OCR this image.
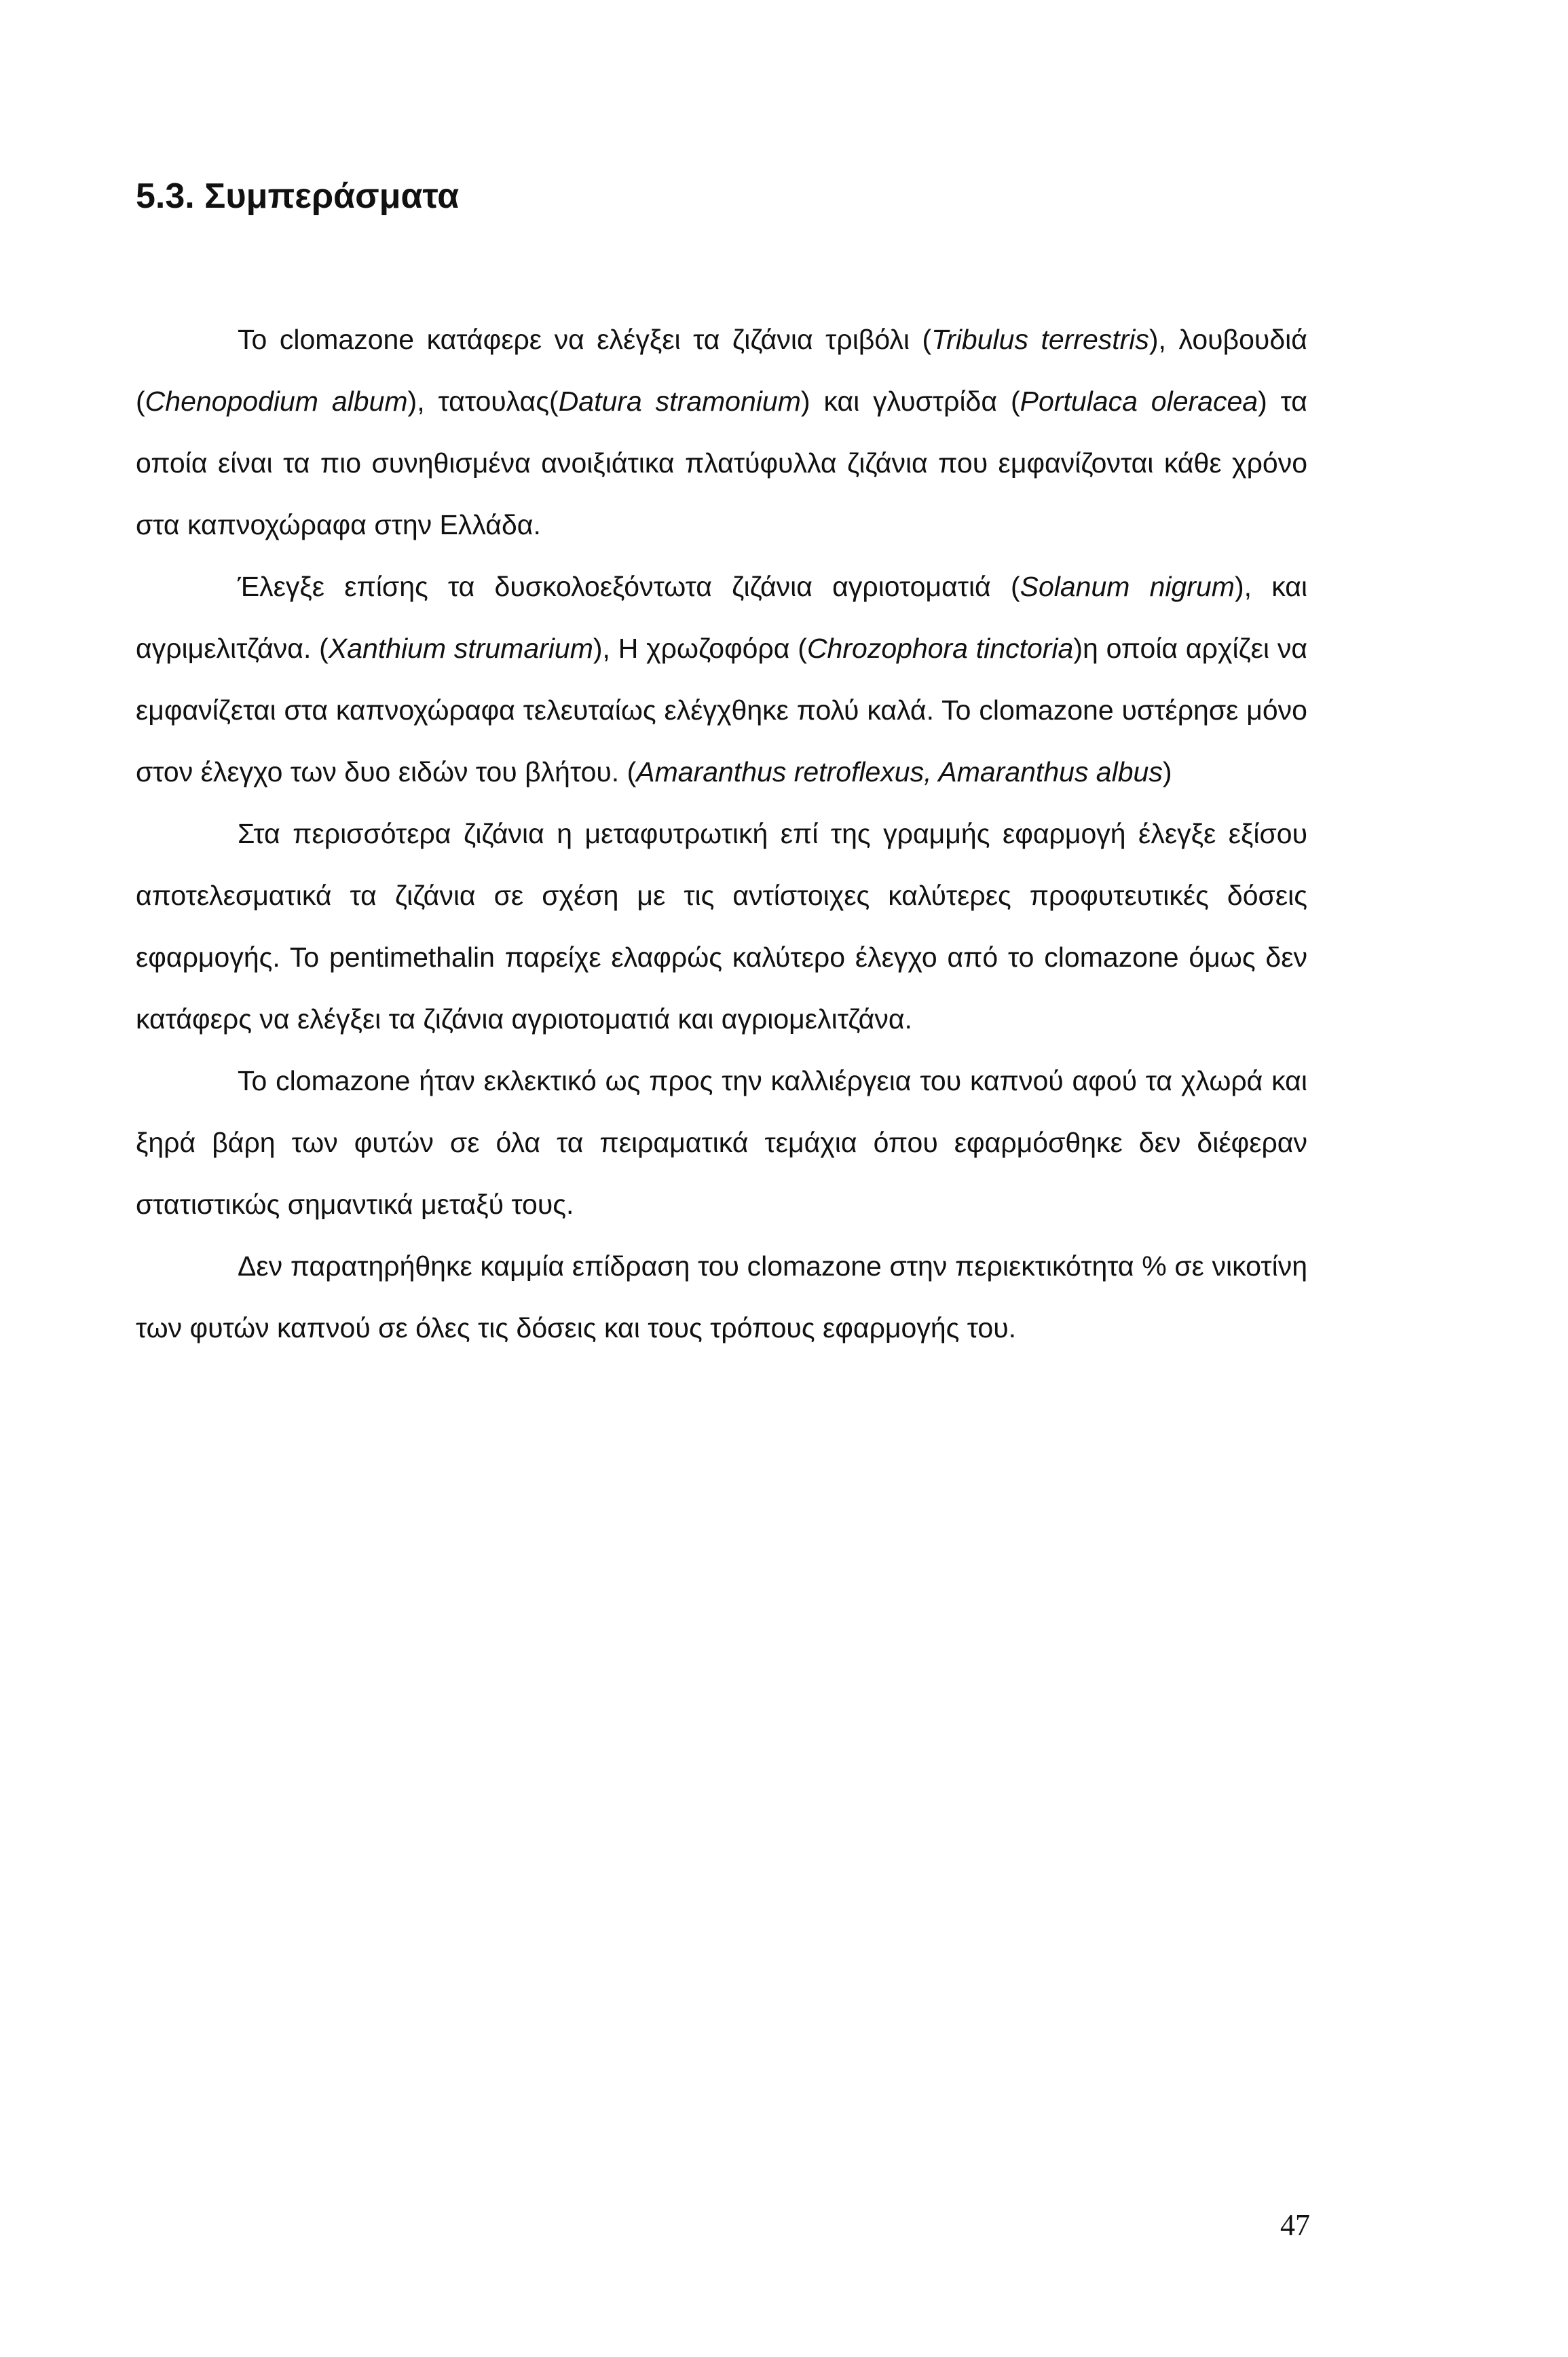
5.3. Συμπεράσματα

Το clomazone κατάφερε να ελέγξει τα ζιζάνια τριβόλι (Tribulus terrestris), λουβουδιά (Chenopodium album), τατουλας(Datura stramonium) και γλυστρίδα (Portulaca oleracea) τα οποία είναι τα πιο συνηθισμένα ανοιξιάτικα πλατύφυλλα ζιζάνια που εμφανίζονται κάθε χρόνο στα καπνοχώραφα στην Ελλάδα.

Έλεγξε επίσης τα δυσκολοεξόντωτα ζιζάνια αγριοτοματιά (Solanum nigrum), και αγριμελιτζάνα. (Xanthium strumarium), Η χρωζοφόρα (Chrozophora tinctoria)η οποία αρχίζει να εμφανίζεται στα καπνοχώραφα τελευταίως ελέγχθηκε πολύ καλά. Το clomazone υστέρησε μόνο στον έλεγχο των δυο ειδών του βλήτου. (Amaranthus retroflexus, Amaranthus albus)

Στα περισσότερα ζιζάνια η μεταφυτρωτική επί της γραμμής εφαρμογή έλεγξε εξίσου αποτελεσματικά τα ζιζάνια σε σχέση με τις αντίστοιχες καλύτερες προφυτευτικές δόσεις εφαρμογής. Το pentimethalin παρείχε ελαφρώς καλύτερο έλεγχο από το clomazone όμως δεν κατάφερς να ελέγξει τα ζιζάνια αγριοτοματιά και αγριομελιτζάνα.

Το clomazone ήταν εκλεκτικό ως προς την καλλιέργεια του καπνού αφού τα χλωρά και ξηρά βάρη των φυτών σε όλα τα πειραματικά τεμάχια όπου εφαρμόσθηκε δεν διέφεραν στατιστικώς σημαντικά μεταξύ τους.

Δεν παρατηρήθηκε καμμία επίδραση του clomazone στην περιεκτικότητα % σε νικοτίνη των φυτών καπνού σε όλες τις δόσεις και τους τρόπους εφαρμογής του.

47
